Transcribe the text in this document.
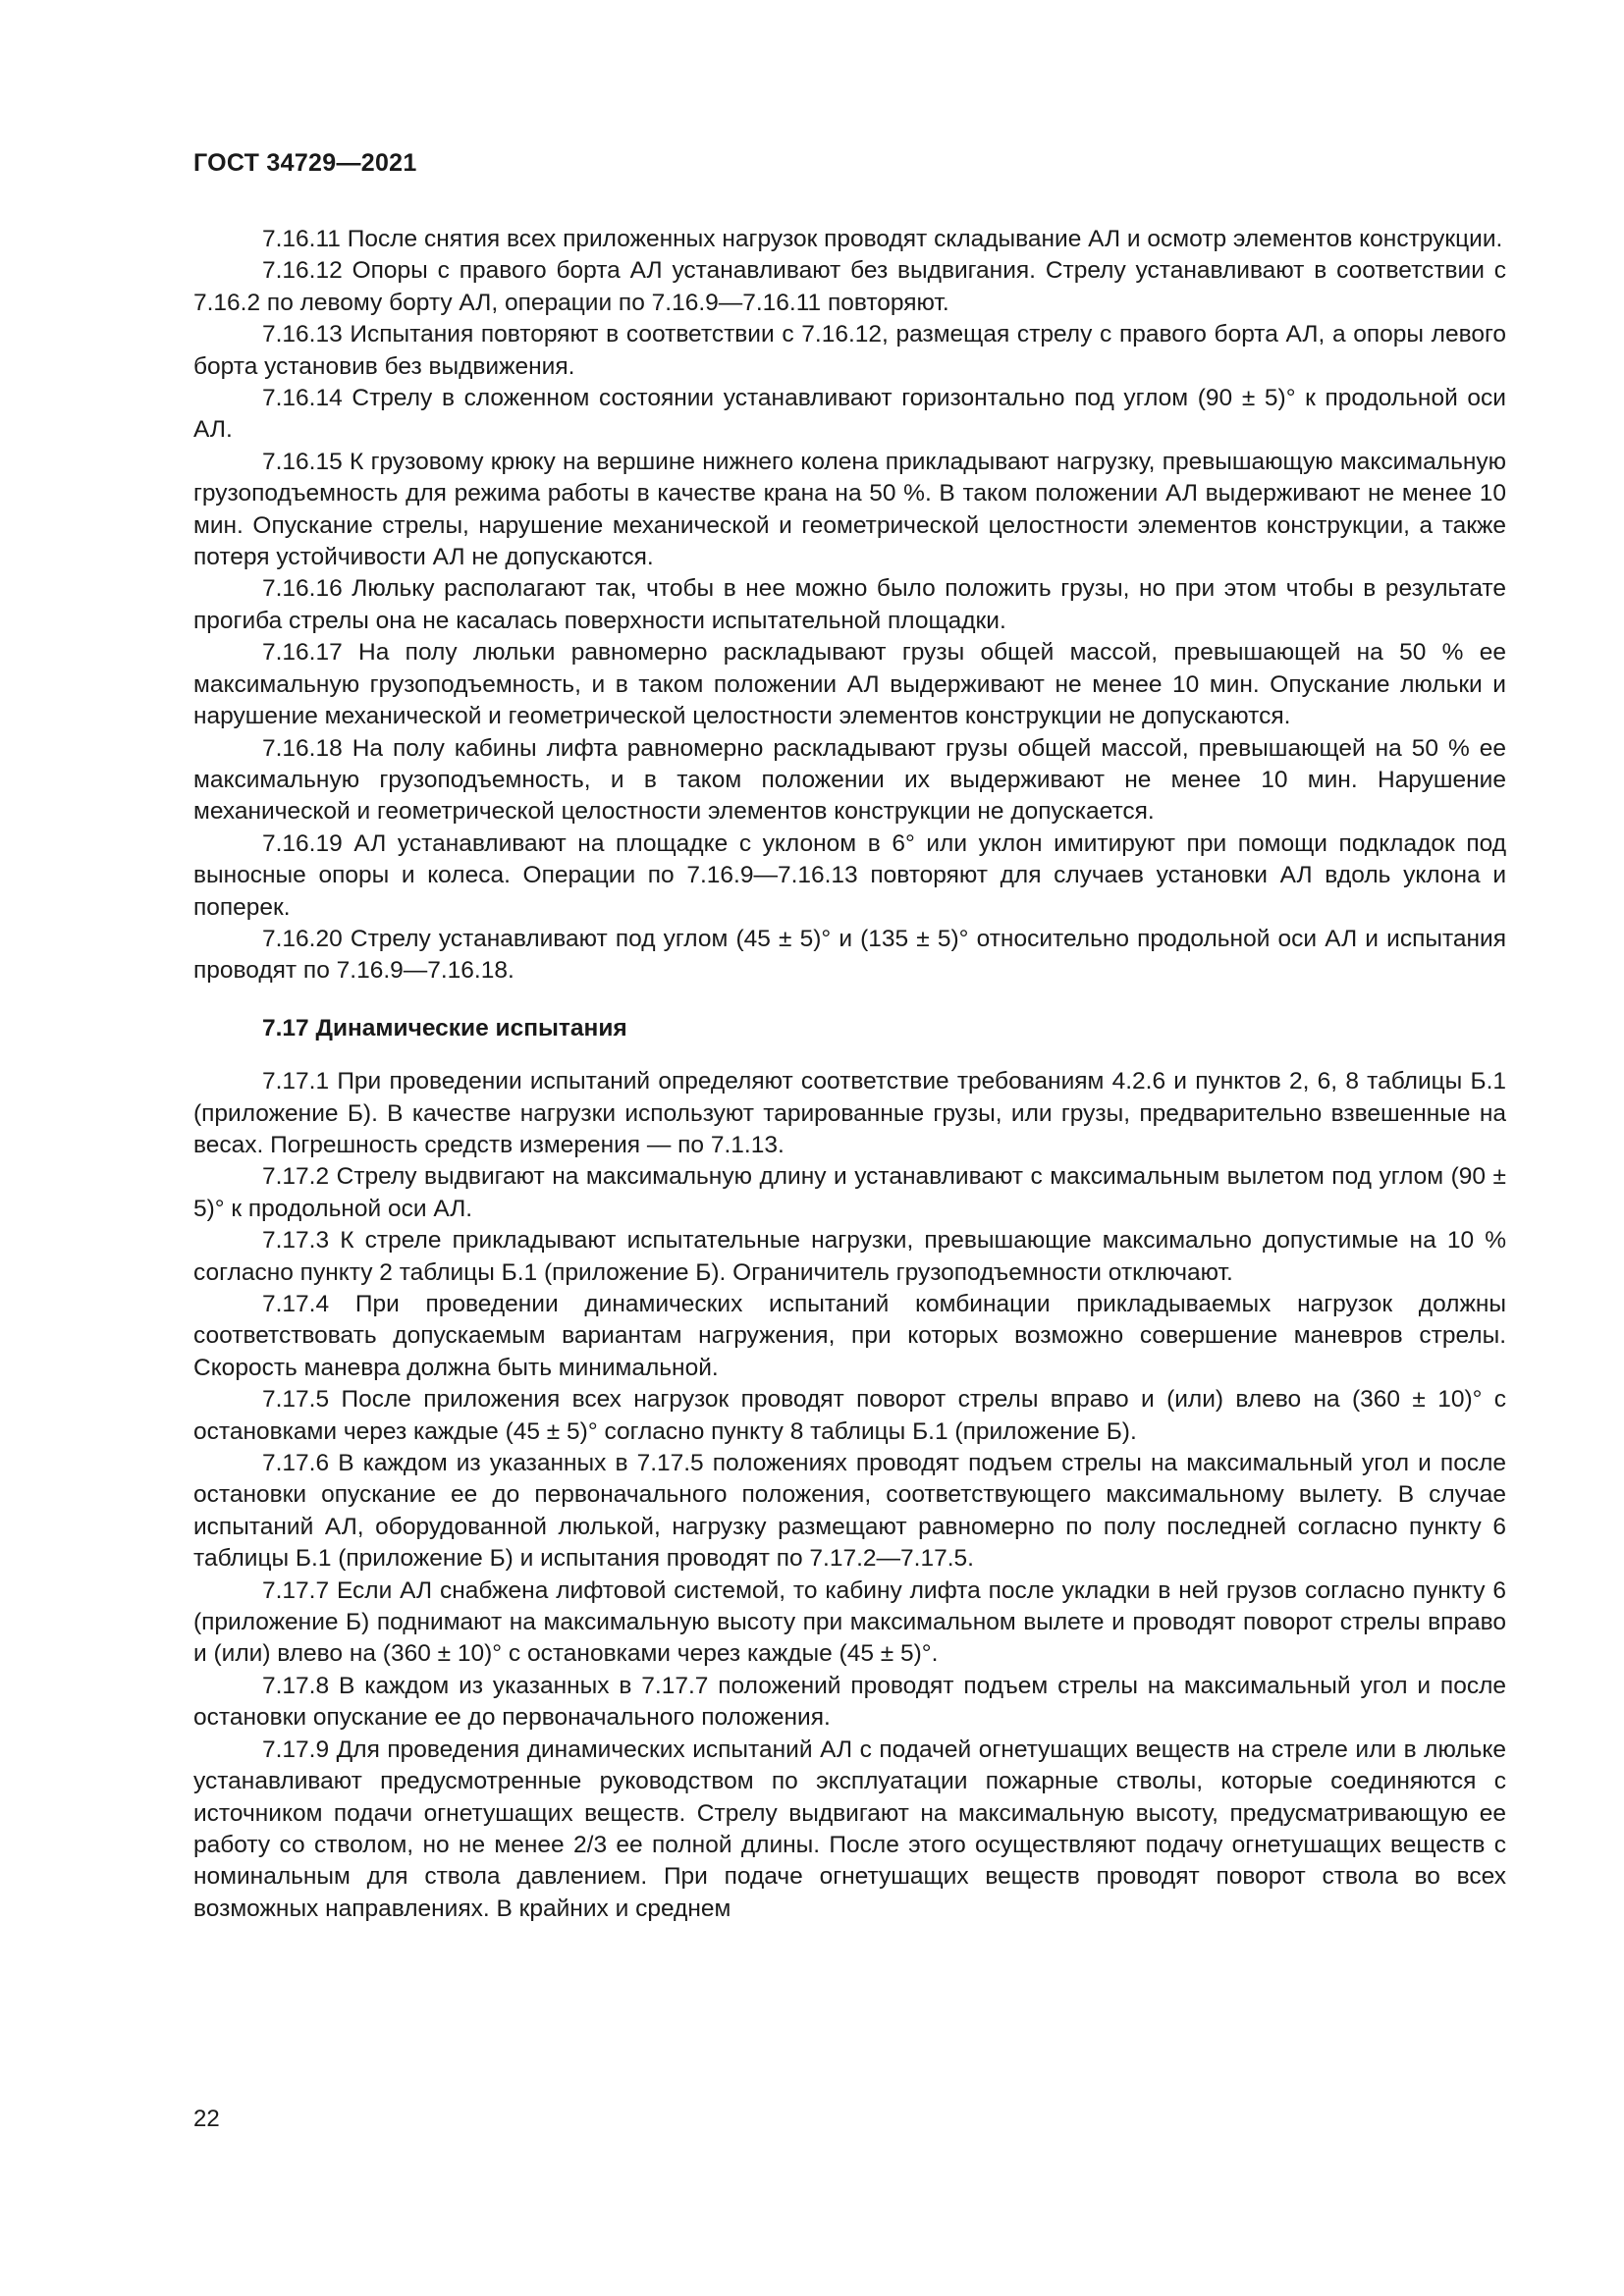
ГОСТ 34729—2021

7.16.11 После снятия всех приложенных нагрузок проводят складывание АЛ и осмотр элементов конструкции.

7.16.12 Опоры с правого борта АЛ устанавливают без выдвигания. Стрелу устанавливают в соответствии с 7.16.2 по левому борту АЛ, операции по 7.16.9—7.16.11 повторяют.

7.16.13 Испытания повторяют в соответствии с 7.16.12, размещая стрелу с правого борта АЛ, а опоры левого борта установив без выдвижения.

7.16.14 Стрелу в сложенном состоянии устанавливают горизонтально под углом (90 ± 5)° к продольной оси АЛ.

7.16.15 К грузовому крюку на вершине нижнего колена прикладывают нагрузку, превышающую максимальную грузоподъемность для режима работы в качестве крана на 50 %. В таком положении АЛ выдерживают не менее 10 мин. Опускание стрелы, нарушение механической и геометрической целостности элементов конструкции, а также потеря устойчивости АЛ не допускаются.

7.16.16 Люльку располагают так, чтобы в нее можно было положить грузы, но при этом чтобы в результате прогиба стрелы она не касалась поверхности испытательной площадки.

7.16.17 На полу люльки равномерно раскладывают грузы общей массой, превышающей на 50 % ее максимальную грузоподъемность, и в таком положении АЛ выдерживают не менее 10 мин. Опускание люльки и нарушение механической и геометрической целостности элементов конструкции не допускаются.

7.16.18 На полу кабины лифта равномерно раскладывают грузы общей массой, превышающей на 50 % ее максимальную грузоподъемность, и в таком положении их выдерживают не менее 10 мин. Нарушение механической и геометрической целостности элементов конструкции не допускается.

7.16.19 АЛ устанавливают на площадке с уклоном в 6° или уклон имитируют при помощи подкладок под выносные опоры и колеса. Операции по 7.16.9—7.16.13 повторяют для случаев установки АЛ вдоль уклона и поперек.

7.16.20 Стрелу устанавливают под углом (45 ± 5)° и (135 ± 5)° относительно продольной оси АЛ и испытания проводят по 7.16.9—7.16.18.

7.17 Динамические испытания

7.17.1 При проведении испытаний определяют соответствие требованиям 4.2.6 и пунктов 2, 6, 8 таблицы Б.1 (приложение Б). В качестве нагрузки используют тарированные грузы, или грузы, предварительно взвешенные на весах. Погрешность средств измерения — по 7.1.13.

7.17.2 Стрелу выдвигают на максимальную длину и устанавливают с максимальным вылетом под углом (90 ± 5)° к продольной оси АЛ.

7.17.3 К стреле прикладывают испытательные нагрузки, превышающие максимально допустимые на 10 % согласно пункту 2 таблицы Б.1 (приложение Б). Ограничитель грузоподъемности отключают.

7.17.4 При проведении динамических испытаний комбинации прикладываемых нагрузок должны соответствовать допускаемым вариантам нагружения, при которых возможно совершение маневров стрелы. Скорость маневра должна быть минимальной.

7.17.5 После приложения всех нагрузок проводят поворот стрелы вправо и (или) влево на (360 ± 10)° с остановками через каждые (45 ± 5)° согласно пункту 8 таблицы Б.1 (приложение Б).

7.17.6 В каждом из указанных в 7.17.5 положениях проводят подъем стрелы на максимальный угол и после остановки опускание ее до первоначального положения, соответствующего максимальному вылету. В случае испытаний АЛ, оборудованной люлькой, нагрузку размещают равномерно по полу последней согласно пункту 6 таблицы Б.1 (приложение Б) и испытания проводят по 7.17.2—7.17.5.

7.17.7 Если АЛ снабжена лифтовой системой, то кабину лифта после укладки в ней грузов согласно пункту 6 (приложение Б) поднимают на максимальную высоту при максимальном вылете и проводят поворот стрелы вправо и (или) влево на (360 ± 10)° с остановками через каждые (45 ± 5)°.

7.17.8 В каждом из указанных в 7.17.7 положений проводят подъем стрелы на максимальный угол и после остановки опускание ее до первоначального положения.

7.17.9 Для проведения динамических испытаний АЛ с подачей огнетушащих веществ на стреле или в люльке устанавливают предусмотренные руководством по эксплуатации пожарные стволы, которые соединяются с источником подачи огнетушащих веществ. Стрелу выдвигают на максимальную высоту, предусматривающую ее работу со стволом, но не менее 2/3 ее полной длины. После этого осуществляют подачу огнетушащих веществ с номинальным для ствола давлением. При подаче огнетушащих веществ проводят поворот ствола во всех возможных направлениях. В крайних и среднем

22
